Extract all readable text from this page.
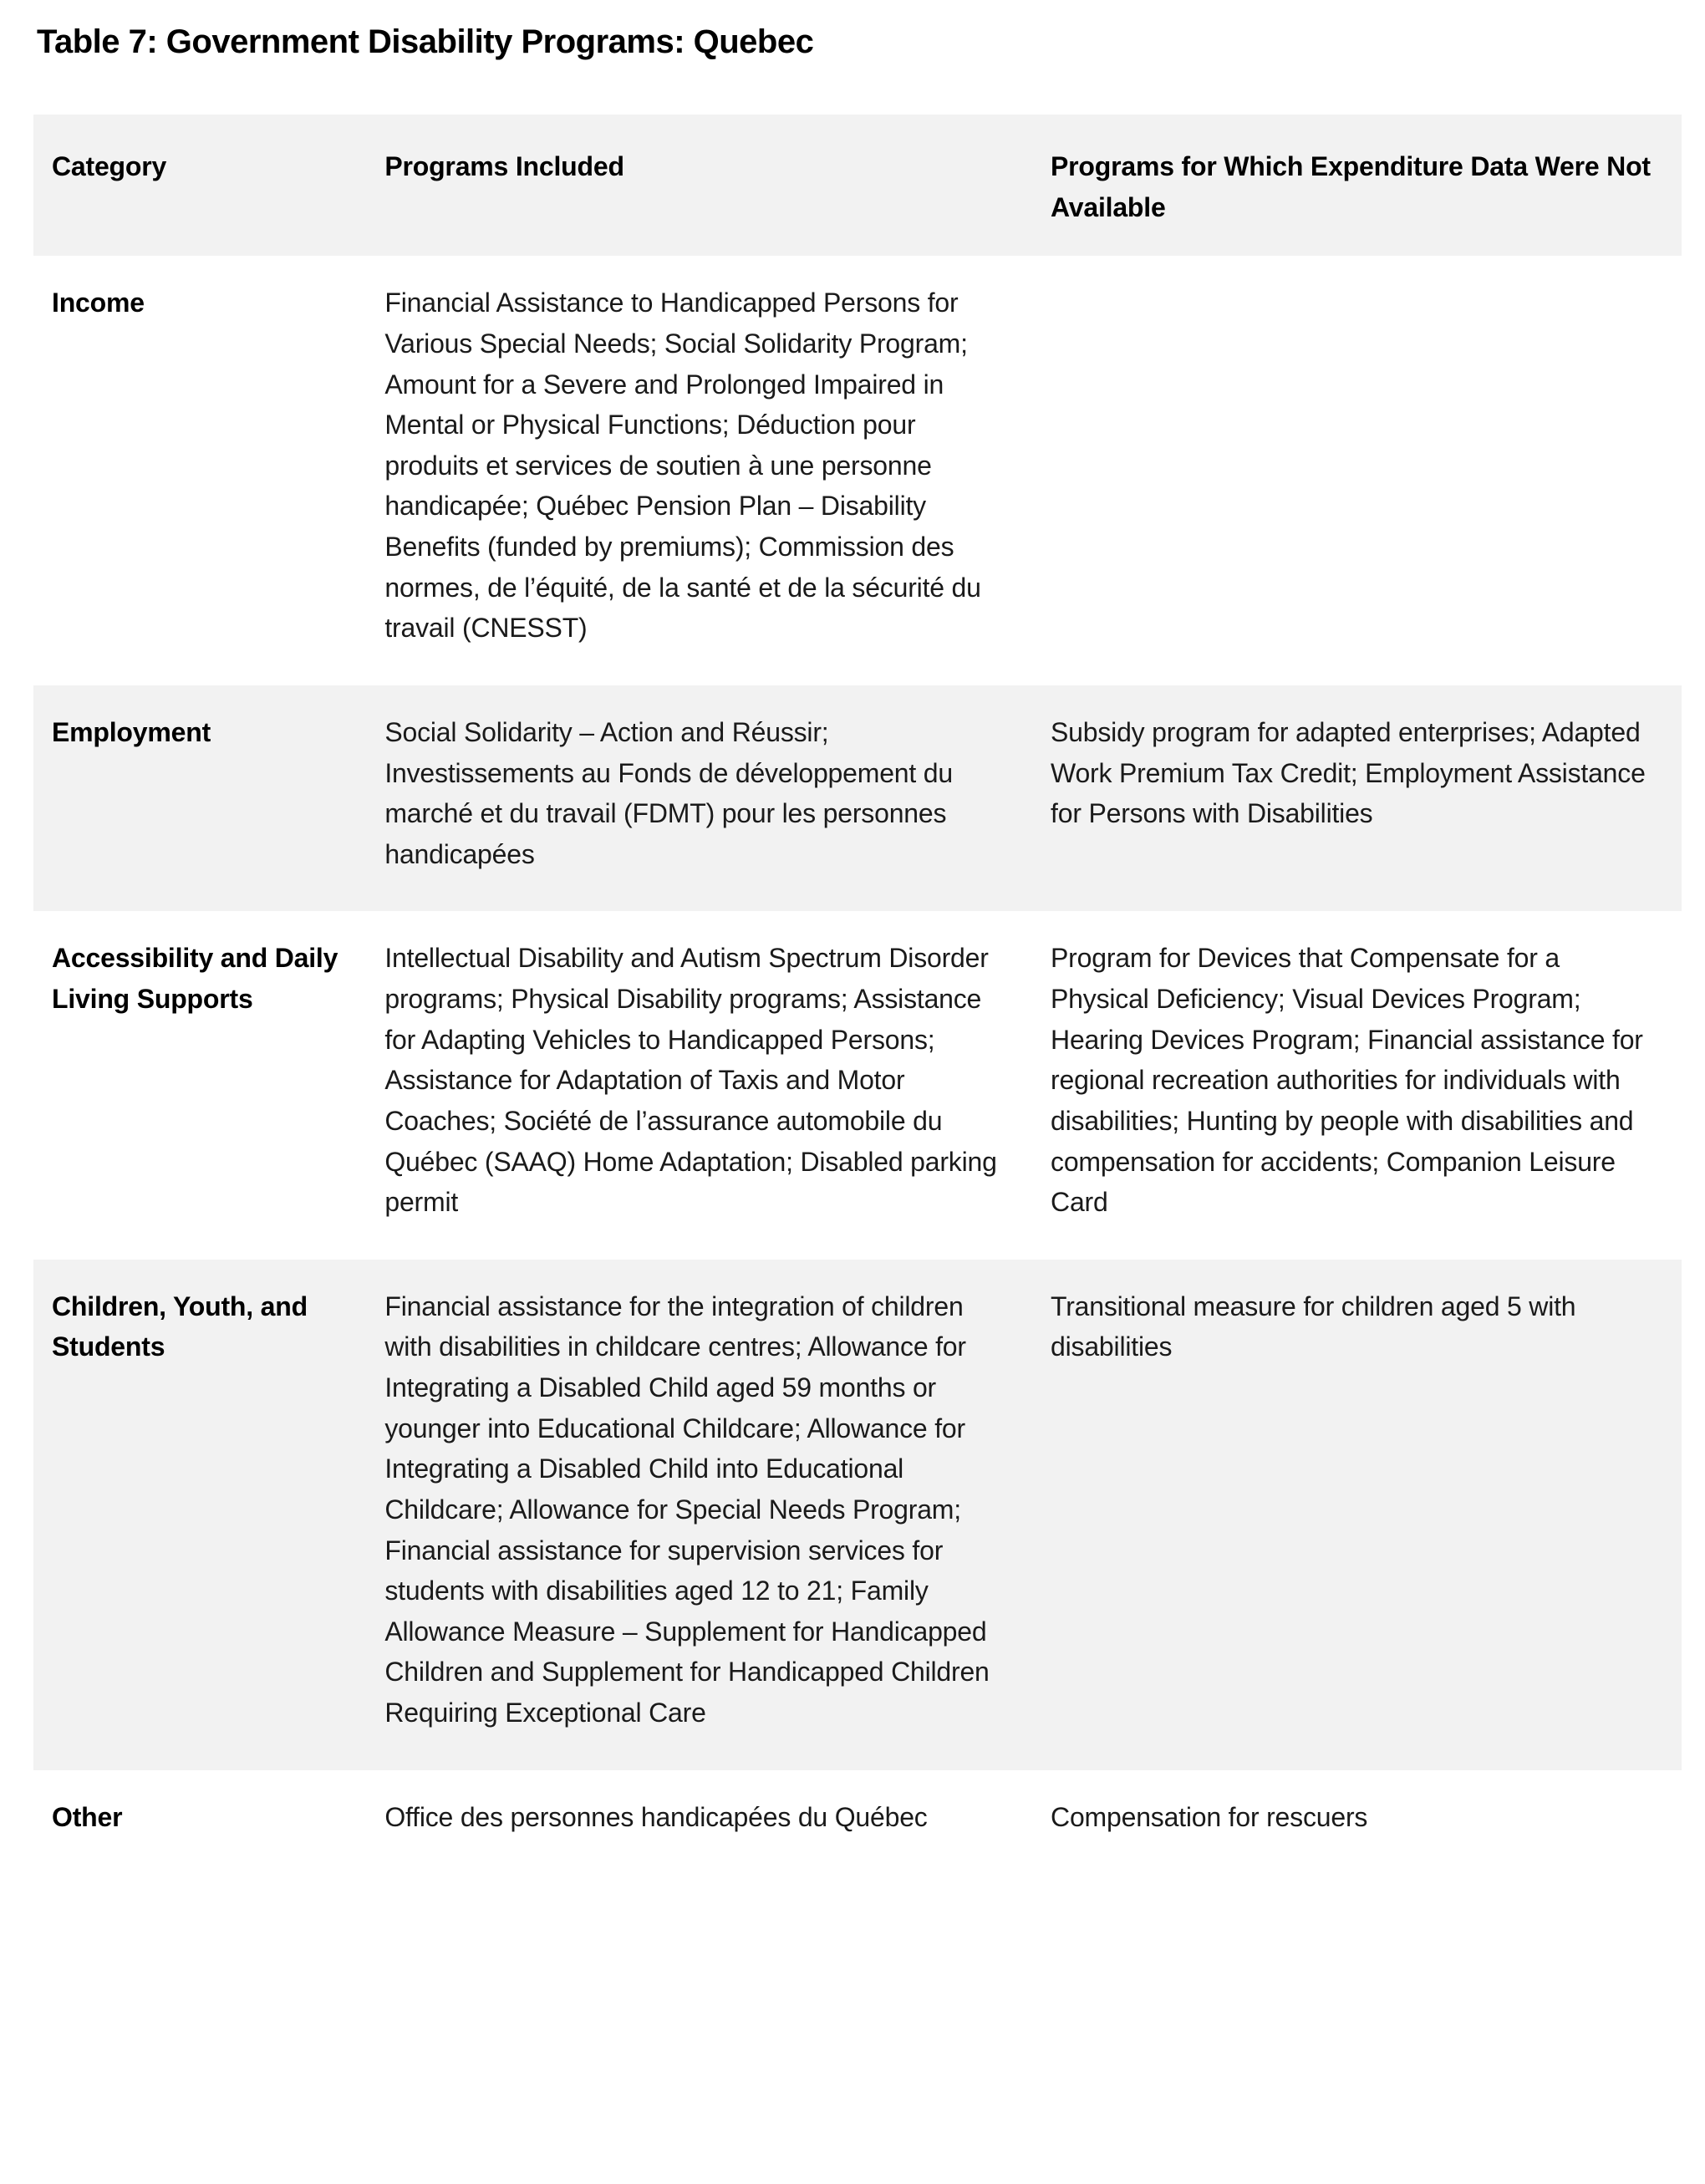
Table 7: Government Disability Programs: Quebec
Category	Programs Included	Programs for Which Expenditure Data Were Not Available
Income	Financial Assistance to Handicapped Persons for Various Special Needs; Social Solidarity Program; Amount for a Severe and Prolonged Impaired in Mental or Physical Functions; Déduction pour produits et services de soutien à une personne handicapée; Québec Pension Plan – Disability Benefits (funded by premiums); Commission des normes, de l’équité, de la santé et de la sécurité du travail (CNESST)	
Employment	Social Solidarity – Action and Réussir; Investissements au Fonds de développement du marché et du travail (FDMT) pour les personnes handicapées	Subsidy program for adapted enterprises; Adapted Work Premium Tax Credit; Employment Assistance for Persons with Disabilities
Accessibility and Daily Living Supports	Intellectual Disability and Autism Spectrum Disorder programs; Physical Disability programs; Assistance for Adapting Vehicles to Handicapped Persons; Assistance for Adaptation of Taxis and Motor Coaches; Société de l’assurance automobile du Québec (SAAQ) Home Adaptation; Disabled parking permit	Program for Devices that Compensate for a Physical Deficiency; Visual Devices Program; Hearing Devices Program; Financial assistance for regional recreation authorities for individuals with disabilities; Hunting by people with disabilities and compensation for accidents; Companion Leisure Card
Children, Youth, and Students	Financial assistance for the integration of children with disabilities in childcare centres; Allowance for Integrating a Disabled Child aged 59 months or younger into Educational Childcare; Allowance for Integrating a Disabled Child into Educational Childcare; Allowance for Special Needs Program; Financial assistance for supervision services for students with disabilities aged 12 to 21; Family Allowance Measure – Supplement for Handicapped Children and Supplement for Handicapped Children Requiring Exceptional Care	Transitional measure for children aged 5 with disabilities
Other	Office des personnes handicapées du Québec	Compensation for rescuers
